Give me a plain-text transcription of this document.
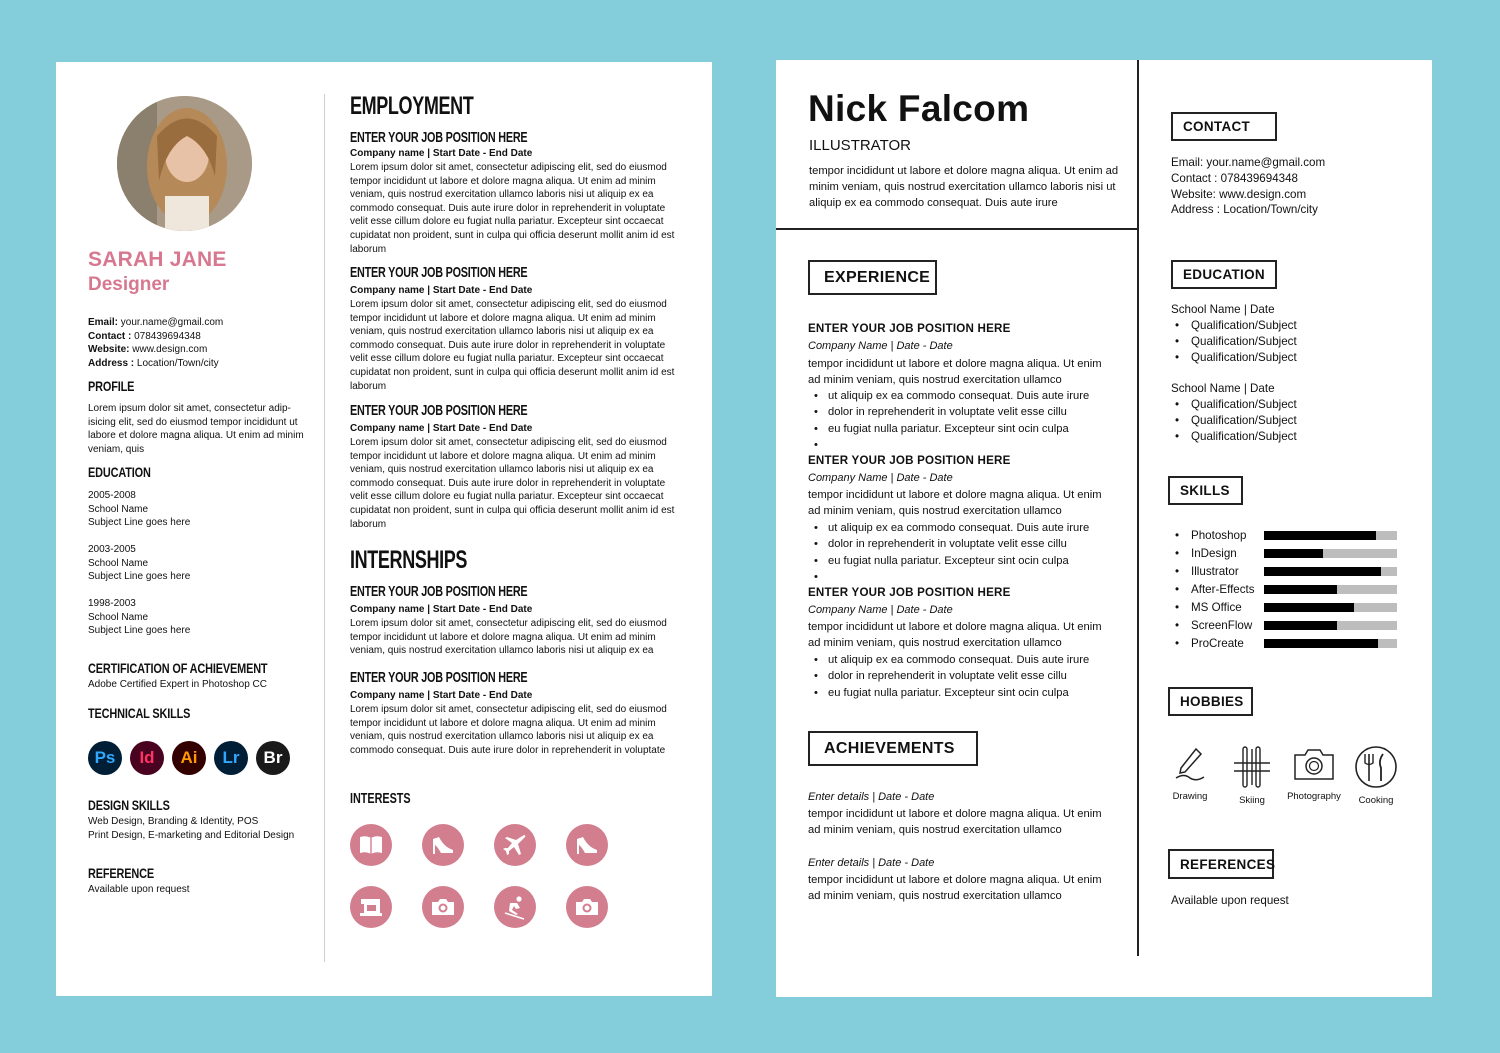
SARAH JANE
Designer
Email: your.name@gmail.com
Contact : 078439694348
Website: www.design.com
Address : Location/Town/city
PROFILE
Lorem ipsum dolor sit amet, consectetur adip-isicing elit, sed do eiusmod tempor incididunt ut labore et dolore magna aliqua. Ut enim ad minim veniam, quis
EDUCATION
2005-2008
School Name
Subject Line goes here
2003-2005
School Name
Subject Line goes here
1998-2003
School Name
Subject Line goes here
CERTIFICATION OF ACHIEVEMENT
Adobe Certified Expert in Photoshop CC
TECHNICAL SKILLS
Ps	Id	Ai	Lr	Br
DESIGN SKILLS
Web Design, Branding & Identity, POS
Print Design, E-marketing and Editorial Design
REFERENCE
Available upon request
EMPLOYMENT
ENTER YOUR JOB POSITION HERE
Company name | Start Date - End Date
Lorem ipsum dolor sit amet, consectetur adipiscing elit, sed do eiusmod tempor incididunt ut labore et dolore magna aliqua. Ut enim ad minim veniam, quis nostrud exercitation ullamco laboris nisi ut aliquip ex ea commodo consequat. Duis aute irure dolor in reprehenderit in voluptate velit esse cillum dolore eu fugiat nulla pariatur. Excepteur sint occaecat cupidatat non proident, sunt in culpa qui officia deserunt mollit anim id est laborum
ENTER YOUR JOB POSITION HERE
Company name | Start Date - End Date
Lorem ipsum dolor sit amet, consectetur adipiscing elit, sed do eiusmod tempor incididunt ut labore et dolore magna aliqua. Ut enim ad minim veniam, quis nostrud exercitation ullamco laboris nisi ut aliquip ex ea commodo consequat. Duis aute irure dolor in reprehenderit in voluptate velit esse cillum dolore eu fugiat nulla pariatur. Excepteur sint occaecat cupidatat non proident, sunt in culpa qui officia deserunt mollit anim id est laborum
ENTER YOUR JOB POSITION HERE
Company name | Start Date - End Date
Lorem ipsum dolor sit amet, consectetur adipiscing elit, sed do eiusmod tempor incididunt ut labore et dolore magna aliqua. Ut enim ad minim veniam, quis nostrud exercitation ullamco laboris nisi ut aliquip ex ea commodo consequat. Duis aute irure dolor in reprehenderit in voluptate velit esse cillum dolore eu fugiat nulla pariatur. Excepteur sint occaecat cupidatat non proident, sunt in culpa qui officia deserunt mollit anim id est laborum
INTERNSHIPS
ENTER YOUR JOB POSITION HERE
Company name | Start Date - End Date
Lorem ipsum dolor sit amet, consectetur adipiscing elit, sed do eiusmod tempor incididunt ut labore et dolore magna aliqua. Ut enim ad minim veniam, quis nostrud exercitation ullamco laboris nisi ut aliquip ex ea
ENTER YOUR JOB POSITION HERE
Company name | Start Date - End Date
Lorem ipsum dolor sit amet, consectetur adipiscing elit, sed do eiusmod tempor incididunt ut labore et dolore magna aliqua. Ut enim ad minim veniam, quis nostrud exercitation ullamco laboris nisi ut aliquip ex ea commodo consequat. Duis aute irure dolor in reprehenderit in voluptate
INTERESTS
Nick Falcom
ILLUSTRATOR
tempor incididunt ut labore et dolore magna aliqua. Ut enim ad minim veniam, quis nostrud exercitation ullamco laboris nisi ut aliquip ex ea commodo consequat. Duis aute irure
EXPERIENCE
ENTER YOUR JOB POSITION HERE
Company Name | Date - Date
tempor incididunt ut labore et dolore magna aliqua. Ut enim ad minim veniam, quis nostrud exercitation ullamco
• ut aliquip ex ea commodo consequat. Duis aute irure
• dolor in reprehenderit in voluptate velit esse cillu
• eu fugiat nulla pariatur. Excepteur sint ocin culpa
•
ENTER YOUR JOB POSITION HERE
Company Name | Date - Date
tempor incididunt ut labore et dolore magna aliqua. Ut enim ad minim veniam, quis nostrud exercitation ullamco
• ut aliquip ex ea commodo consequat. Duis aute irure
• dolor in reprehenderit in voluptate velit esse cillu
• eu fugiat nulla pariatur. Excepteur sint ocin culpa
•
ENTER YOUR JOB POSITION HERE
Company Name | Date - Date
tempor incididunt ut labore et dolore magna aliqua. Ut enim ad minim veniam, quis nostrud exercitation ullamco
• ut aliquip ex ea commodo consequat. Duis aute irure
• dolor in reprehenderit in voluptate velit esse cillu
• eu fugiat nulla pariatur. Excepteur sint ocin culpa
ACHIEVEMENTS
Enter details | Date - Date
tempor incididunt ut labore et dolore magna aliqua. Ut enim ad minim veniam, quis nostrud exercitation ullamco
Enter details | Date - Date
tempor incididunt ut labore et dolore magna aliqua. Ut enim ad minim veniam, quis nostrud exercitation ullamco
CONTACT
Email: your.name@gmail.com
Contact : 078439694348
Website: www.design.com
Address : Location/Town/city
EDUCATION
School Name | Date
• Qualification/Subject
• Qualification/Subject
• Qualification/Subject
School Name | Date
• Qualification/Subject
• Qualification/Subject
• Qualification/Subject
SKILLS
• Photoshop
• InDesign
• Illustrator
• After-Effects
• MS Office
• ScreenFlow
• ProCreate
HOBBIES
Drawing	Skiing	Photography	Cooking
REFERENCES
Available upon request
